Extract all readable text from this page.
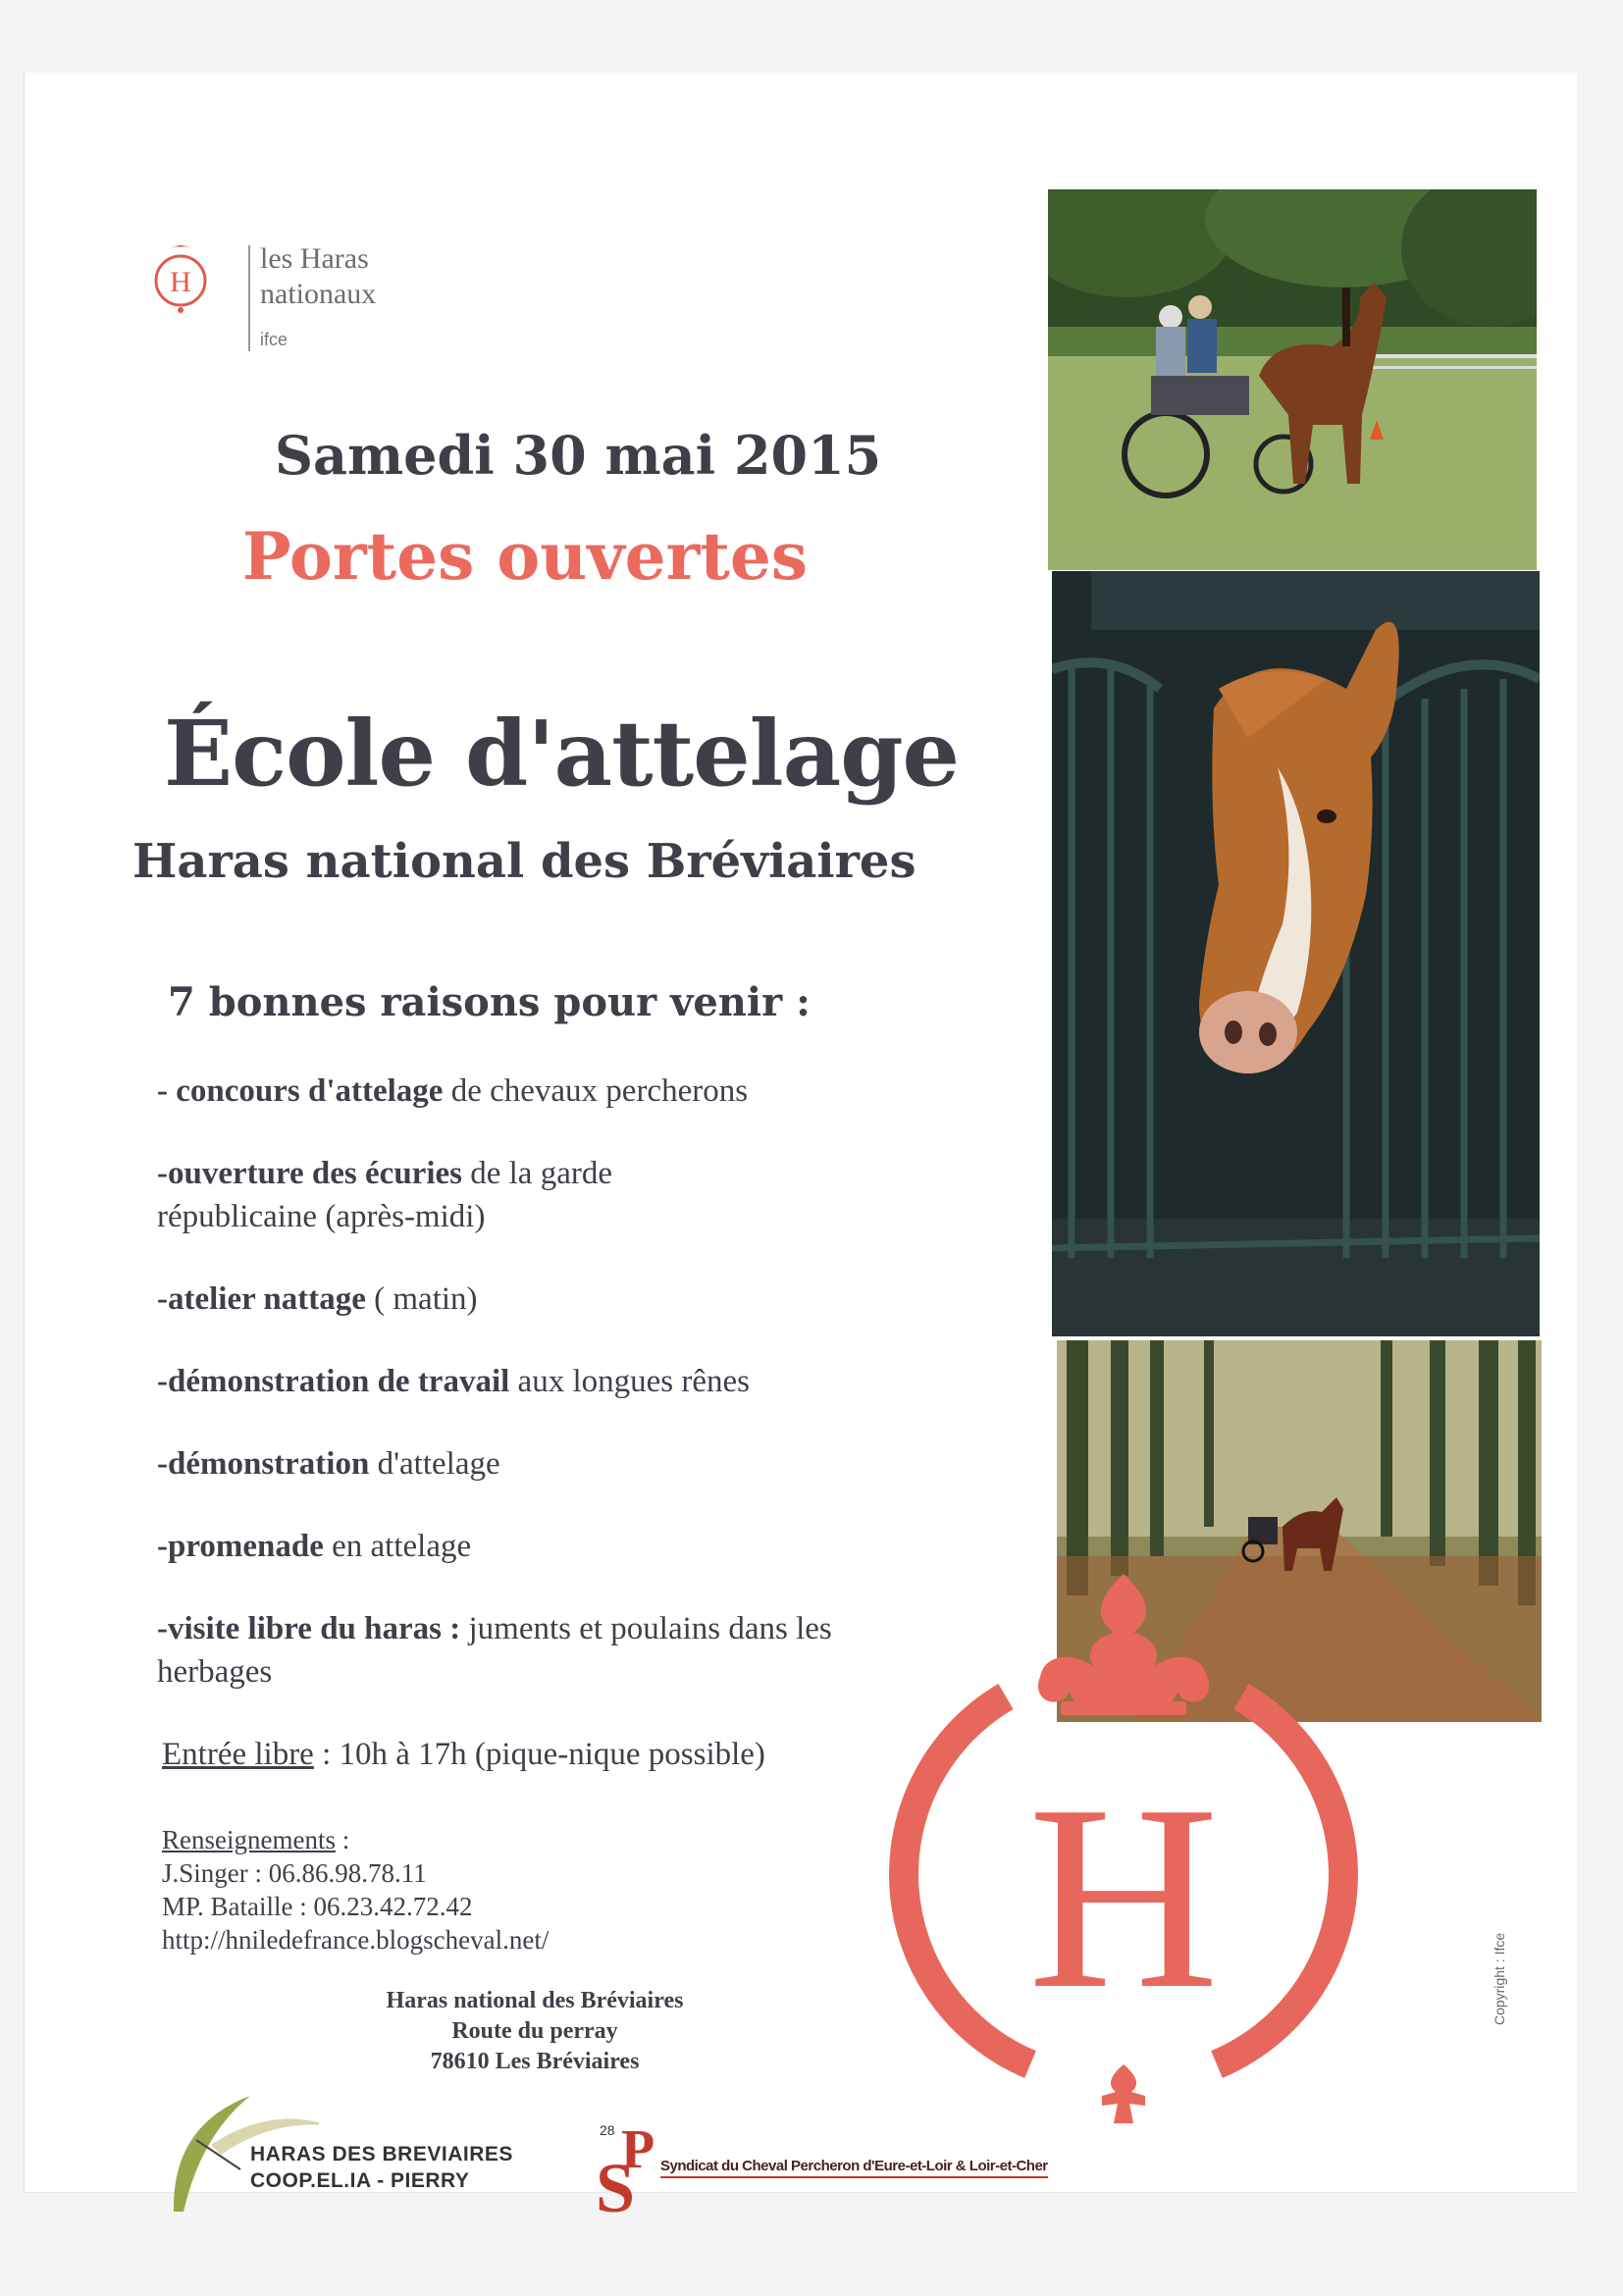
H
les Haras
nationaux
ifce
Samedi 30 mai 2015
Portes ouvertes
École d'attelage
Haras national des Bréviaires
7 bonnes raisons pour venir :
- concours d'attelage de chevaux percherons
-ouverture des écuries de la garde républicaine (après-midi)
-atelier nattage ( matin)
-démonstration de travail aux longues rênes
-démonstration d'attelage
-promenade en attelage
-visite libre du haras : juments et poulains dans les herbages
Entrée libre : 10h à 17h (pique-nique possible)
Renseignements :
J.Singer : 06.86.98.78.11
MP. Bataille : 06.23.42.72.42
http://hniledefrance.blogscheval.net/
Haras national des Bréviaires
Route du perray
78610 Les Bréviaires
H	Copyright : Ifce
HARAS DES BREVIAIRES
COOP.EL.IA - PIERRY
28 P
S Syndicat du Cheval Percheron d'Eure-et-Loir & Loir-et-Cher
